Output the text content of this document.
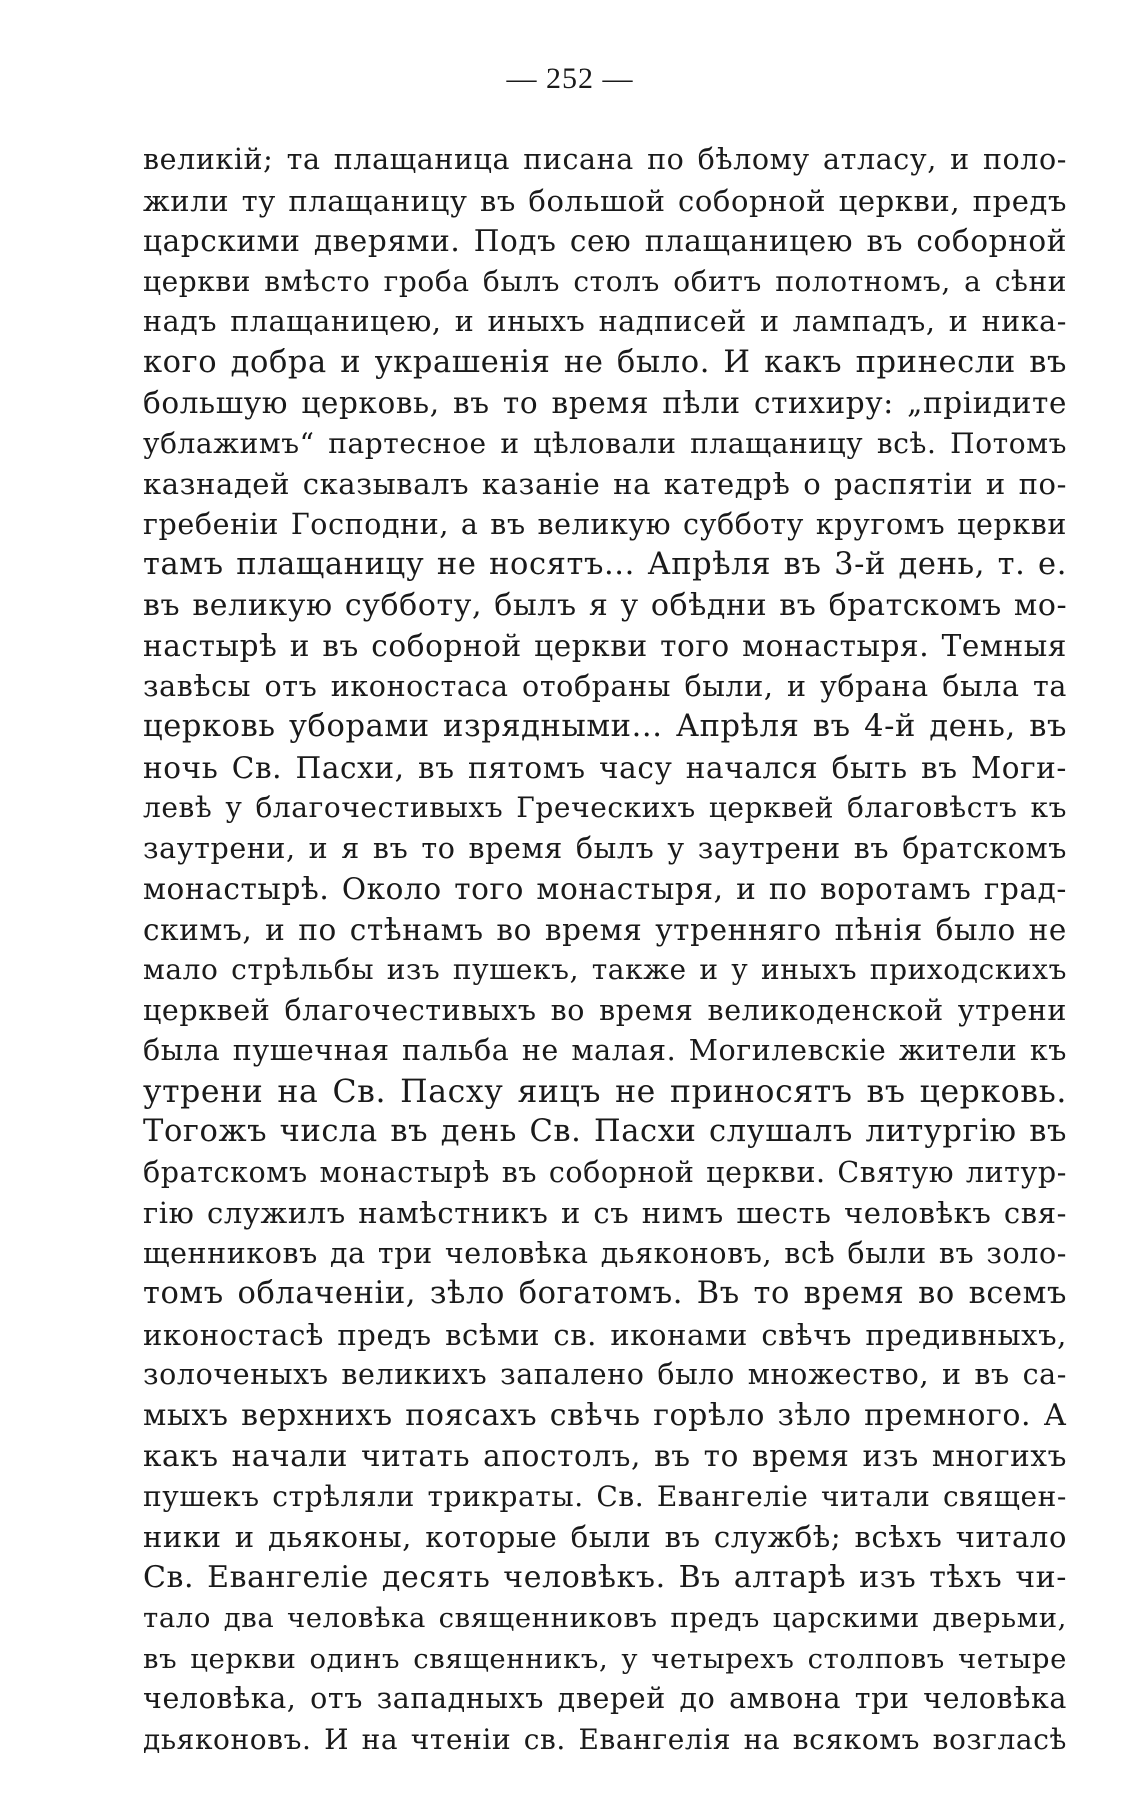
— 252 —
великій; та плащаница писана по бѣлому атласу, и поло-
жили ту плащаницу въ большой соборной церкви, предъ
царскими дверями. Подъ сею плащаницею въ соборной
церкви вмѣсто гроба былъ столъ обитъ полотномъ, а сѣни
надъ плащаницею, и иныхъ надписей и лампадъ, и ника-
кого добра и украшенія не было. И какъ принесли въ
большую церковь, въ то время пѣли стихиру: „пріидите
ублажимъ“ партесное и цѣловали плащаницу всѣ. Потомъ
казнадей сказывалъ казаніе на катедрѣ о распятіи и по-
гребеніи Господни, а въ великую субботу кругомъ церкви
тамъ плащаницу не носятъ... Апрѣля въ 3-й день, т. е.
въ великую субботу, былъ я у обѣдни въ братскомъ мо-
настырѣ и въ соборной церкви того монастыря. Темныя
завѣсы отъ иконостаса отобраны были, и убрана была та
церковь уборами изрядными... Апрѣля въ 4-й день, въ
ночь Св. Пасхи, въ пятомъ часу начался быть въ Моги-
левѣ у благочестивыхъ Греческихъ церквей благовѣстъ къ
заутрени, и я въ то время былъ у заутрени въ братскомъ
монастырѣ. Около того монастыря, и по воротамъ град-
скимъ, и по стѣнамъ во время утренняго пѣнія было не
мало стрѣльбы изъ пушекъ, также и у иныхъ приходскихъ
церквей благочестивыхъ во время великоденской утрени
была пушечная пальба не малая. Могилевскіе жители къ
утрени на Св. Пасху яицъ не приносятъ въ церковь.
Тогожъ числа въ день Св. Пасхи слушалъ литургію въ
братскомъ монастырѣ въ соборной церкви. Святую литур-
гію служилъ намѣстникъ и съ нимъ шесть человѣкъ свя-
щенниковъ да три человѣка дьяконовъ, всѣ были въ золо-
томъ облаченіи, зѣло богатомъ. Въ то время во всемъ
иконостасѣ предъ всѣми св. иконами свѣчъ предивныхъ,
золоченыхъ великихъ запалено было множество, и въ са-
мыхъ верхнихъ поясахъ свѣчь горѣло зѣло премного. А
какъ начали читать апостолъ, въ то время изъ многихъ
пушекъ стрѣляли трикраты. Св. Евангеліе читали священ-
ники и дьяконы, которые были въ службѣ; всѣхъ читало
Св. Евангеліе десять человѣкъ. Въ алтарѣ изъ тѣхъ чи-
тало два человѣка священниковъ предъ царскими дверьми,
въ церкви одинъ священникъ, у четырехъ столповъ четыре
человѣка, отъ западныхъ дверей до амвона три человѣка
дьяконовъ. И на чтеніи св. Евангелія на всякомъ возгласѣ
